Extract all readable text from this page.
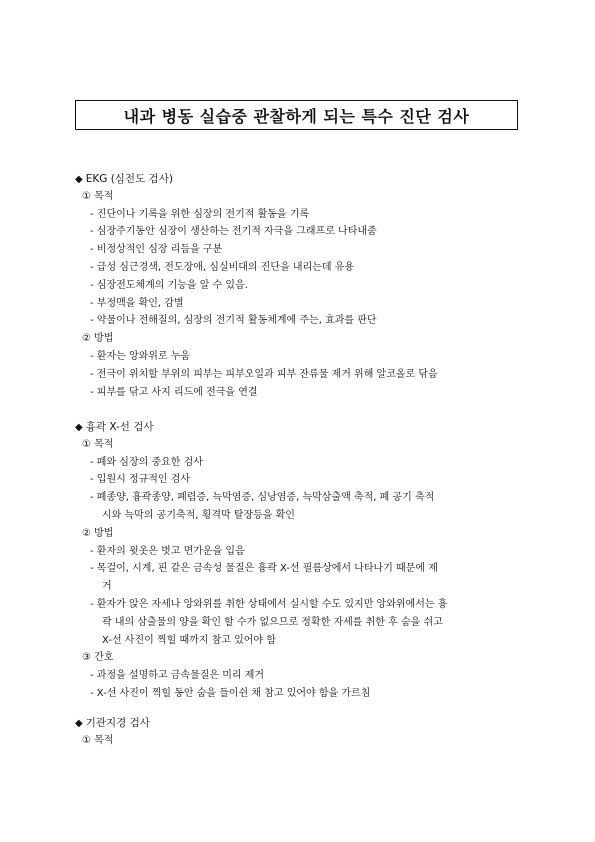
내과 병동 실습중 관찰하게 되는 특수 진단 검사
◆ EKG (심전도 검사)
① 목적
- 진단이나 기록을 위한 심장의 전기적 활동을 기록
- 심장주기동안 심장이 생산하는 전기적 자극을 그래프로 나타내줌
- 비정상적인 심장 리듬을 구분
- 급성 심근경색, 전도장애, 심실비대의 진단을 내리는데 유용
- 심장전도체계의 기능을 알 수 있음.
- 부정맥을 확인, 감별
- 약물이나 전해질의, 심장의 전기적 활동체계에 주는, 효과를 판단
② 방법
- 환자는 앙와위로 누움
- 전극이 위치할 부위의 피부는 피부오일과 피부 잔류물 제거 위해 알코올로 닦음
- 피부를 닦고 사지 리드에 전극을 연결
◆ 흉곽 X-선 검사
① 목적
- 폐와 심장의 중요한 검사
- 입원시 정규적인 검사
- 폐종양, 흉곽종양, 폐렴증, 늑막염증, 심낭염증, 늑막삼출액 축적, 폐 공기 축적
시와 늑막의 공기축적, 횡격막 탈장등을 확인
② 방법
- 환자의 윗옷은 벗고 면가운을 입음
- 목걸이, 시계, 핀 같은 금속성 물질은 흉곽 X-선 필름상에서 나타나기 때문에 제
거
- 환자가 앉은 자세나 앙와위를 취한 상태에서 실시할 수도 있지만 앙와위에서는 흉
곽 내의 삼출물의 양을 확인 할 수가 없으므로 정확한 자세를 취한 후 숨을 쉬고
X-선 사진이 찍힐 때까지 참고 있어야 함
③ 간호
- 과정을 설명하고 금속물질은 미리 제거
- X-선 사진이 찍힐 동안 숨을 들이쉰 채 참고 있어야 함을 가르침
◆ 기관지경 검사
① 목적
